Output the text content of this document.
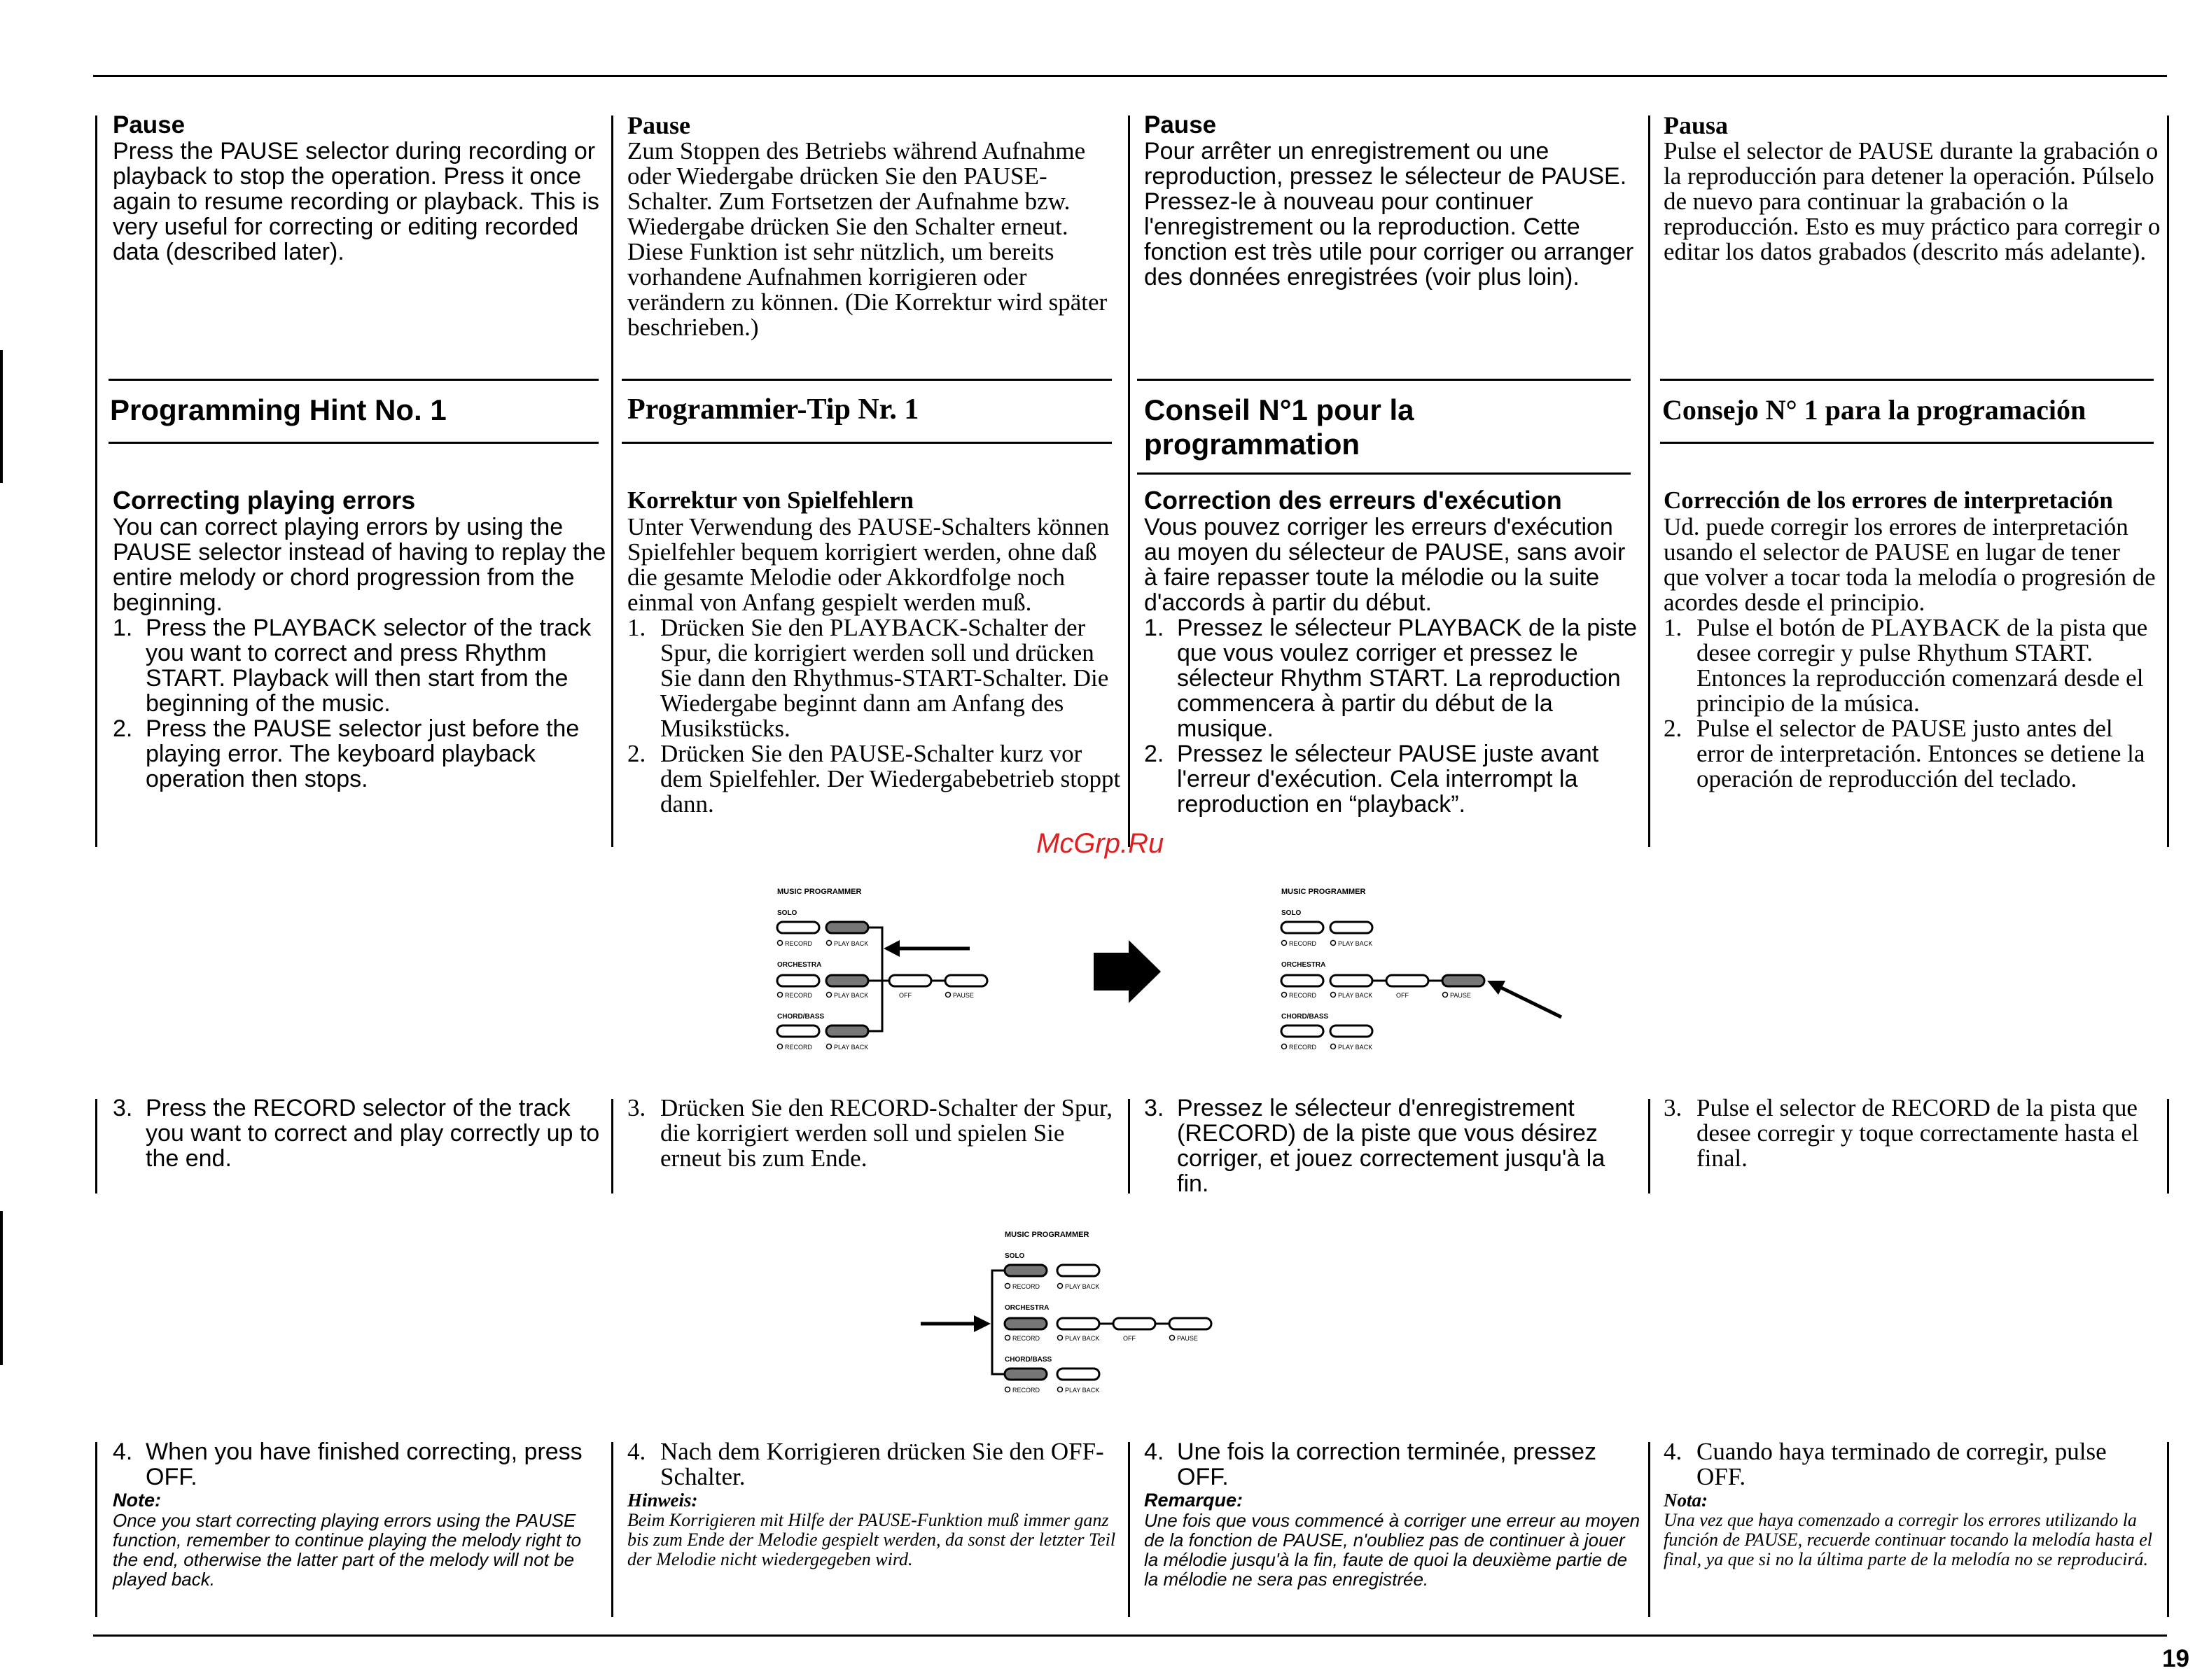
Pause

Press the PAUSE selector during recording or playback to stop the operation. Press it once again to resume recording or playback. This is very useful for correcting or editing recorded data (described later).

Pause

Zum Stoppen des Betriebs während Aufnahme oder Wiedergabe drücken Sie den PAUSE-Schalter. Zum Fortsetzen der Aufnahme bzw. Wiedergabe drücken Sie den Schalter erneut. Diese Funktion ist sehr nützlich, um bereits vorhandene Aufnahmen korrigieren oder verändern zu können. (Die Korrektur wird später beschrieben.)

Pause

Pour arrêter un enregistrement ou une reproduction, pressez le sélecteur de PAUSE. Pressez-le à nouveau pour continuer l'enregistrement ou la reproduction. Cette fonction est très utile pour corriger ou arranger des données enregistrées (voir plus loin).

Pausa

Pulse el selector de PAUSE durante la grabación o la reproducción para detener la operación. Púlselo de nuevo para continuar la grabación o la reproducción. Esto es muy práctico para corregir o editar los datos grabados (descrito más adelante).

Programming Hint No. 1	Programmier-Tip Nr. 1	Conseil N°1 pour la programmation

Consejo N° 1 para la programación

Correcting playing errors

You can correct playing errors by using the PAUSE selector instead of having to replay the entire melody or chord progression from the beginning.

1. Press the PLAYBACK selector of the track you want to correct and press Rhythm START. Playback will then start from the beginning of the music.
2. Press the PAUSE selector just before the playing error. The keyboard playback operation then stops.

Korrektur von Spielfehlern

Unter Verwendung des PAUSE-Schalters können Spielfehler bequem korrigiert werden, ohne daß die gesamte Melodie oder Akkordfolge noch einmal von Anfang gespielt werden muß.

1. Drücken Sie den PLAYBACK-Schalter der Spur, die korrigiert werden soll und drücken Sie dann den Rhythmus-START-Schalter. Die Wiedergabe beginnt dann am Anfang des Musikstücks.
2. Drücken Sie den PAUSE-Schalter kurz vor dem Spielfehler. Der Wiedergabebetrieb stoppt dann.

Correction des erreurs d'exécution

Vous pouvez corriger les erreurs d'exécution au moyen du sélecteur de PAUSE, sans avoir à faire repasser toute la mélodie ou la suite d'accords à partir du début.

1. Pressez le sélecteur PLAYBACK de la piste que vous voulez corriger et pressez le sélecteur Rhythm START. La reproduction commencera à partir du début de la musique.
2. Pressez le sélecteur PAUSE juste avant l'erreur d'exécution. Cela interrompt la reproduction en “playback”.

Corrección de los errores de interpretación

Ud. puede corregir los errores de interpretación usando el selector de PAUSE en lugar de tener que volver a tocar toda la melodía o progresión de acordes desde el principio.

1. Pulse el botón de PLAYBACK de la pista que desee corregir y pulse Rhythum START. Entonces la reproducción comenzará desde el principio de la música.
2. Pulse el selector de PAUSE justo antes del error de interpretación. Entonces se detiene la operación de reproducción del teclado.
McGrp.Ru
MUSIC PROGRAMMER
SOLO
RECORD	PLAY BACK
ORCHESTRA
RECORD	PLAY BACK	OFF	PAUSE
CHORD/BASS
RECORD	PLAY BACK
MUSIC PROGRAMMER
SOLO
RECORD	PLAY BACK
ORCHESTRA
RECORD	PLAY BACK	OFF	PAUSE
CHORD/BASS
RECORD	PLAY BACK
3. Press the RECORD selector of the track you want to correct and play correctly up to the end.
3. Drücken Sie den RECORD-Schalter der Spur, die korrigiert werden soll und spielen Sie erneut bis zum Ende.
3. Pressez le sélecteur d'enregistrement (RECORD) de la piste que vous désirez corriger, et jouez correctement jusqu'à la fin.
3. Pulse el selector de RECORD de la pista que desee corregir y toque correctamente hasta el final.
MUSIC PROGRAMMER
SOLO
RECORD	PLAY BACK
ORCHESTRA
RECORD	PLAY BACK	OFF	PAUSE
CHORD/BASS
RECORD	PLAY BACK
4. When you have finished correcting, press OFF.

Note:

Once you start correcting playing errors using the PAUSE function, remember to continue playing the melody right to the end, otherwise the latter part of the melody will not be played back.

4. Nach dem Korrigieren drücken Sie den OFF-Schalter.

Hinweis:

Beim Korrigieren mit Hilfe der PAUSE-Funktion muß immer ganz bis zum Ende der Melodie gespielt werden, da sonst der letzter Teil der Melodie nicht wiedergegeben wird.

4. Une fois la correction terminée, pressez OFF.

Remarque:

Une fois que vous commencé à corriger une erreur au moyen de la fonction de PAUSE, n'oubliez pas de continuer à jouer la mélodie jusqu'à la fin, faute de quoi la deuxième partie de la mélodie ne sera pas enregistrée.

4. Cuando haya terminado de corregir, pulse OFF.

Nota:

Una vez que haya comenzado a corregir los errores utilizando la función de PAUSE, recuerde continuar tocando la melodía hasta el final, ya que si no la última parte de la melodía no se reproducirá.

19
